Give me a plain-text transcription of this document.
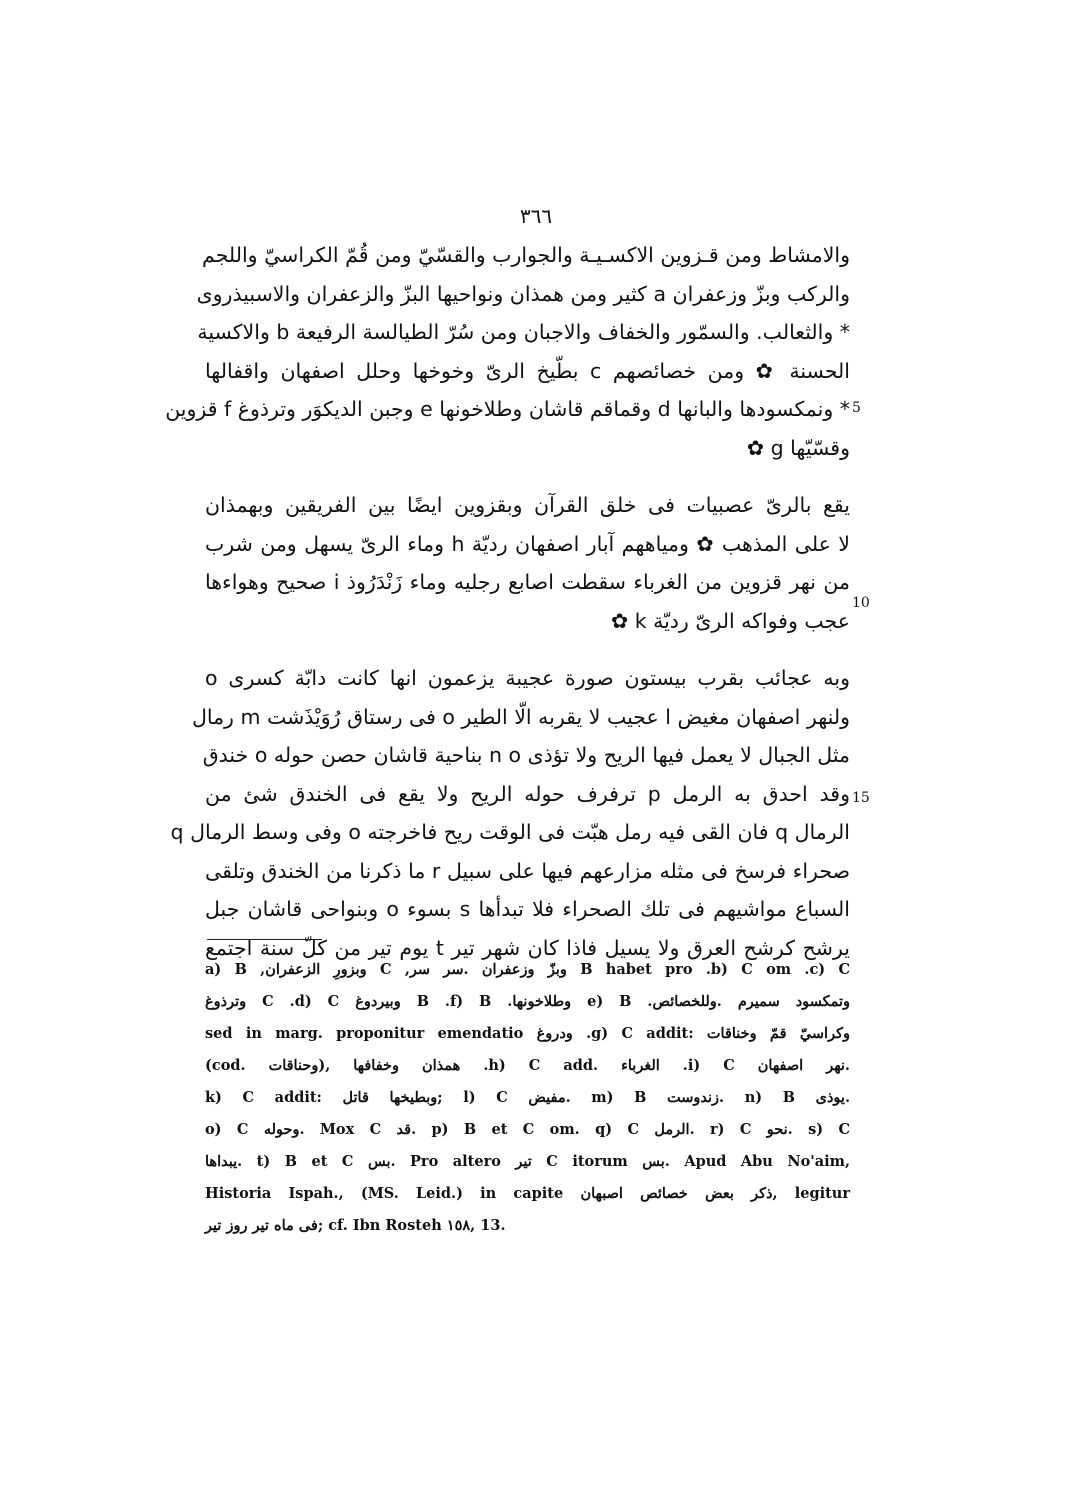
٣٦٦
والامشاط ومن قـزوين الاكسـيـة والجوارب والقسّيّ ومن قُمّ الكراسيّ واللجم
والركب وبزّ وزعفران a كثير ومن همذان ونواحيها البزّ والزعفران والاسبيذروى
* والثعالب. والسمّور والخفاف والاجبان ومن سُرّ الطيالسة الرفيعة b والاكسية
الحسنة ✿ ومن خصائصهم c بطّيخ الرىّ وخوخها وحلل اصفهان واقفالها
* ونمكسودها والبانها d وقماقم قاشان وطلاخونها e وجبن الديكوَر وترذوغ f قزوين
وقسّيّها g ✿
يقع بالرىّ عصبيات فى خلق القرآن وبقزوين ايضًا بين الفريقين وبهمذان
لا على المذهب ✿ ومياههم آبار اصفهان رديّة h وماء الرىّ يسهل ومن شرب
من نهر قزوين من الغرباء سقطت اصابع رجليه وماء زَنْدَرُوذ i صحيح وهواءها
عجب وفواكه الرىّ رديّة k ✿
وبه عجائب بقرب بيستون صورة عجيبة يزعمون انها كانت دابّة كسرى o
ولنهر اصفهان مغيض l عجيب لا يقربه الّا الطير o فى رستاق رُوَيْذَشت m رمال
مثل الجبال لا يعمل فيها الريح ولا تؤذى n o بناحية قاشان حصن حوله o خندق
وقد احدق به الرمل p ترفرف حوله الريح ولا يقع فى الخندق شئ من
الرمال q فان القى فيه رمل هبّت فى الوقت ريح فاخرجته o وفى وسط الرمال q
صحراء فرسخ فى مثله مزارعهم فيها على سبيل r ما ذكرنا من الخندق وتلقى
السباع مواشيهم فى تلك الصحراء فلا تبدأها s بسوء o وبنواحى قاشان جبل
يرشح كرشح العرق ولا يسيل فاذا كان شهر تير t يوم تير من كلّ سنة اجتمع
5
10
15
a) B ,وبزورِ الزعفران C ,وبزّ وزعفران .سر سر B habet pro .b) C om .c) C
وترذوغ C .d) C وبيردوغ B .f) B .وطلاخونها e) B .وتمكسود سميرم .وللخصائص
sed in marg. proponitur emendatio ودروغ .g) C addit: وكراسيّ قمّ وخناقات
(cod. وحناقات), همذان وخفافها .h) C add. الغرباء .i) C نهر اصفهان.
k) C addit: وبطيخها قاتل; l) C مفيض. m) B زندوست. n) B يوذى.
o) C وحوله. Mox C قد. p) B et C om. q) C الرمل. r) C نحو. s) C
يبداها. t) B et C بس. Pro altero تير C itorum بس. Apud Abu No'aim,
Historia Ispah., (MS. Leid.) in capite ذكر بعض خصائص اصبهان, legitur
فى ماه تير روز تير; cf. Ibn Rosteh ١٥٨, 13.
